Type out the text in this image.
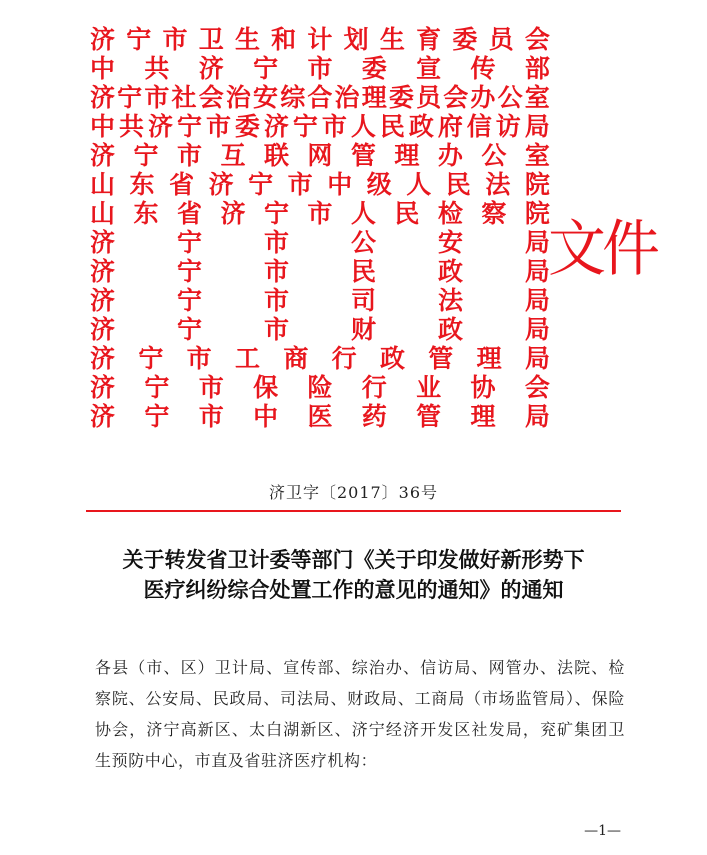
济 宁 市 卫 生 和 计 划 生 育 委 员 会
中 共 济 宁 市 委 宣 传 部
济 宁 市 社 会 治 安 综 合 治 理 委 员 会 办 公 室
中 共 济 宁 市 委 济 宁 市 人 民 政 府 信 访 局
济 宁 市 互 联 网 管 理 办 公 室
山 东 省 济 宁 市 中 级 人 民 法 院
山 东 省 济 宁 市 人 民 检 察 院
济 宁 市 公 安 局
济 宁 市 民 政 局
济 宁 市 司 法 局
济 宁 市 财 政 局
济 宁 市 工 商 行 政 管 理 局
济 宁 市 保 险 行 业 协 会
济 宁 市 中 医 药 管 理 局
文件
济卫字〔2017〕36号
关于转发省卫计委等部门《关于印发做好新形势下
医疗纠纷综合处置工作的意见的通知》的通知
各县（市、区）卫计局、宣传部、综治办、信访局、网管办、法院、检察院、公安局、民政局、司法局、财政局、工商局（市场监管局）、保险协会，济宁高新区、太白湖新区、济宁经济开发区社发局，兖矿集团卫生预防中心，市直及省驻济医疗机构：
—1—
